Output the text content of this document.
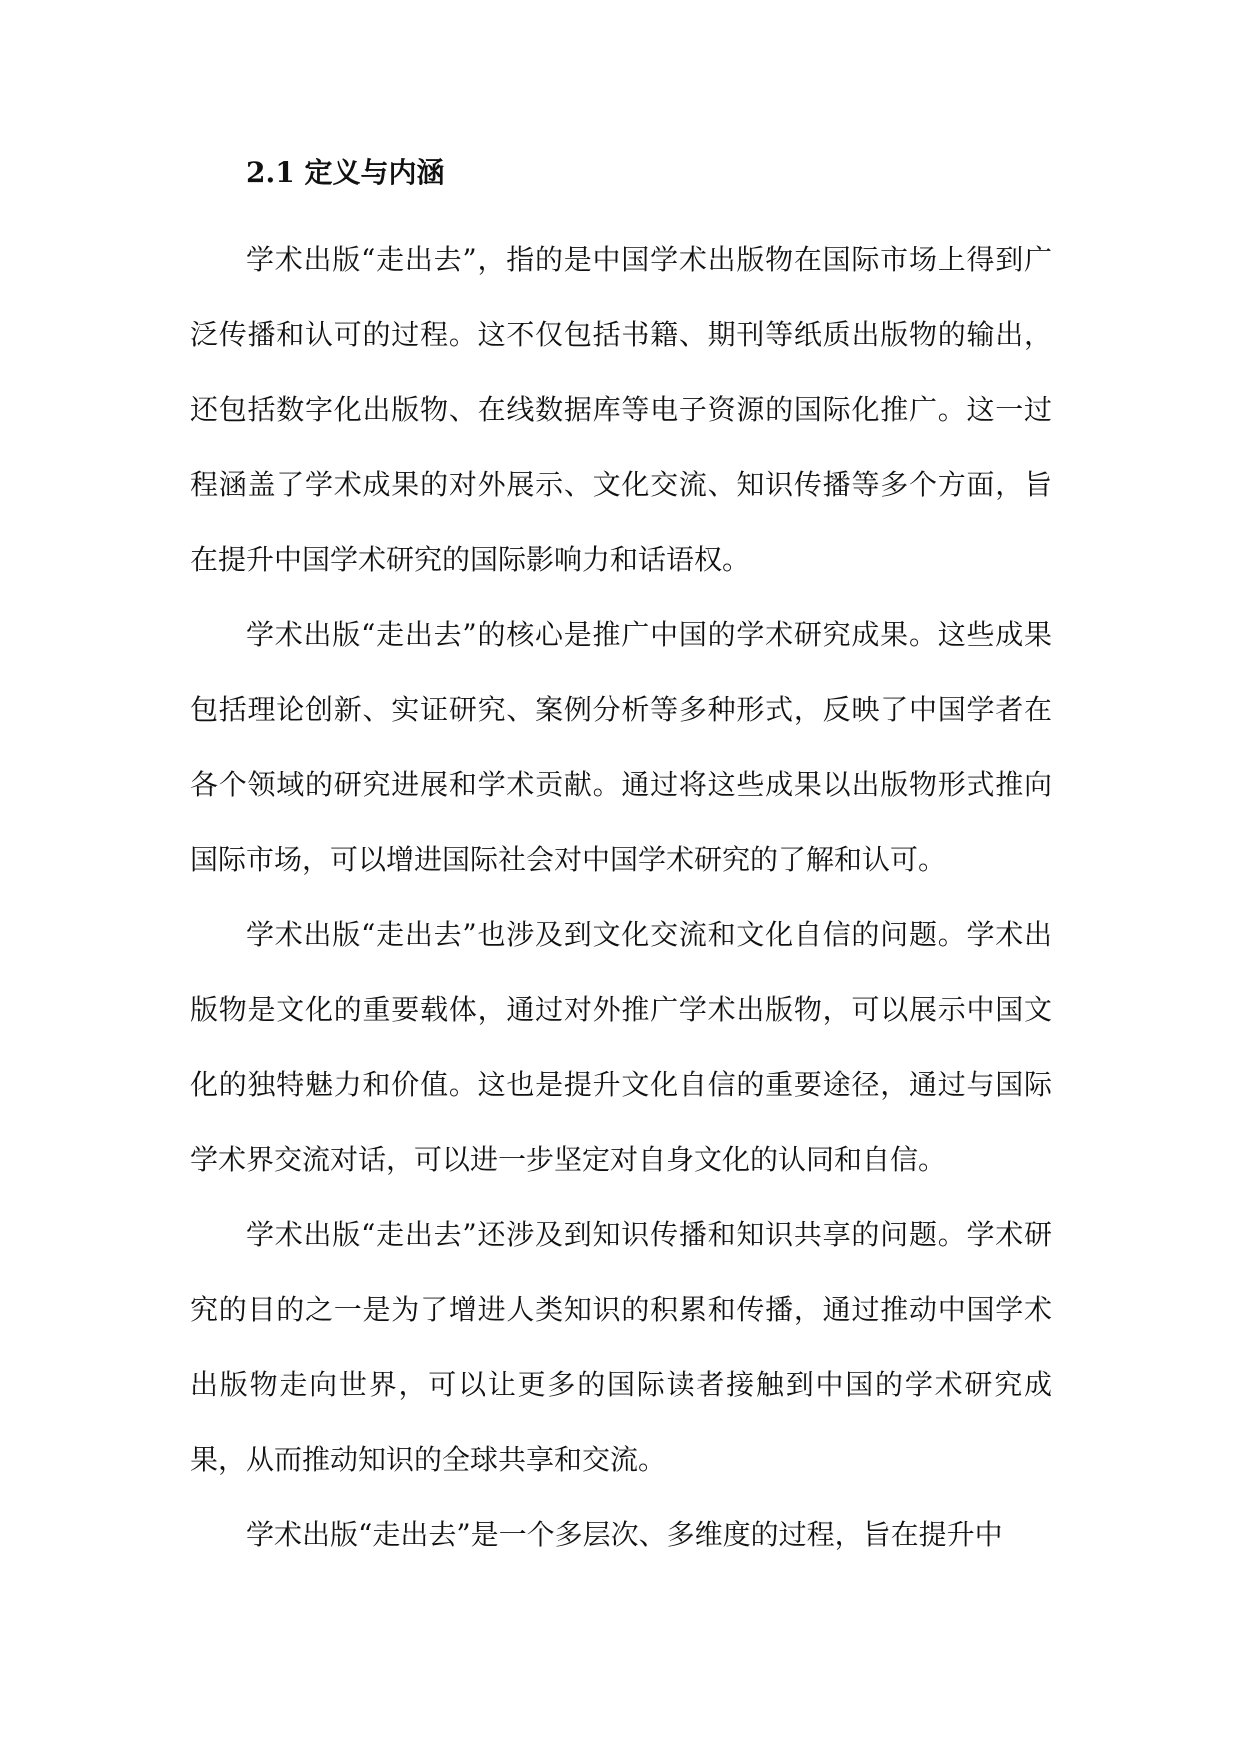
2.1 定义与内涵

学术出版“走出去”，指的是中国学术出版物在国际市场上得到广泛传播和认可的过程。这不仅包括书籍、期刊等纸质出版物的输出，还包括数字化出版物、在线数据库等电子资源的国际化推广。这一过程涵盖了学术成果的对外展示、文化交流、知识传播等多个方面，旨在提升中国学术研究的国际影响力和话语权。

学术出版“走出去”的核心是推广中国的学术研究成果。这些成果包括理论创新、实证研究、案例分析等多种形式，反映了中国学者在各个领域的研究进展和学术贡献。通过将这些成果以出版物形式推向国际市场，可以增进国际社会对中国学术研究的了解和认可。

学术出版“走出去”也涉及到文化交流和文化自信的问题。学术出版物是文化的重要载体，通过对外推广学术出版物，可以展示中国文化的独特魅力和价值。这也是提升文化自信的重要途径，通过与国际学术界交流对话，可以进一步坚定对自身文化的认同和自信。

学术出版“走出去”还涉及到知识传播和知识共享的问题。学术研究的目的之一是为了增进人类知识的积累和传播，通过推动中国学术出版物走向世界，可以让更多的国际读者接触到中国的学术研究成果，从而推动知识的全球共享和交流。

学术出版“走出去”是一个多层次、多维度的过程，旨在提升中
